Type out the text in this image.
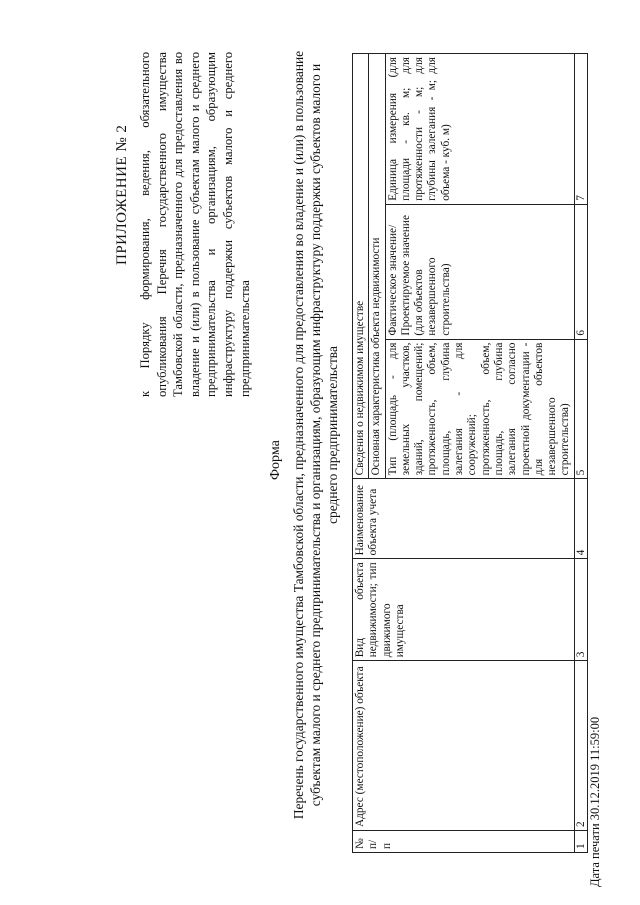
ПРИЛОЖЕНИЕ № 2 к Порядку формирования, ведения, обязательного опубликования Перечня государственного имущества Тамбовской области, предназначенного для предоставления во владение и (или) в пользование субъектам малого и среднего предпринимательства и организациям, образующим инфраструктуру поддержки субъектов малого и среднего предпринимательства
Форма Перечень государственного имущества Тамбовской области, предназначенного для предоставления во владение и (или) в пользование субъектам малого и среднего предпринимательства и организациям, образующим инфраструктуру поддержки субъектов малого и среднего предпринимательства
№ п/п	Адрес (местоположение) объекта	Вид объекта недвижимости; тип движимого имущества	Наименование объекта учета	Сведения о недвижимом имуществе		
				Основная характеристика объекта недвижимости		
				Тип (площадь - для земельных участков, зданий, помещений; протяженность, объем, площадь, глубина залегания - для сооружений; протяженность, объем, площадь, глубина залегания согласно проектной документации - для объектов незавершенного строительства)	Фактическое значение/Проектируемое значение (для объектов незавершенного строительства)	Единица измерения (для площади - кв. м; для протяженности - м; для глубины залегания - м; для объема - куб. м)
1	2	3	4	5	6	7
Дата печати 30.12.2019 11:59:00
